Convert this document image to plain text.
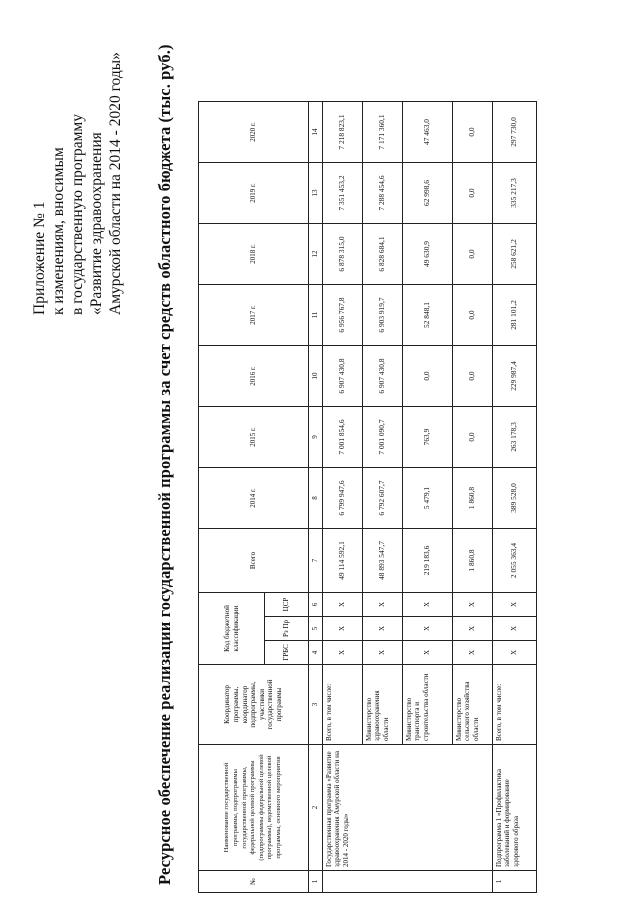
Приложение № 1 к изменениям, вносимым в государственную программу «Развитие здравоохранения Амурской области на 2014 - 2020 годы» Ресурсное обеспечение реализации государственной программы за счет средств областного бюджета (тыс. руб.)	№	Наименование государственной программы, подпрограммы государственной программы, федеральной целевой программы (подпрограммы федеральной целевой программы), ведомственной целевой программы, основного мероприятия	Координатор программы, координатор подпрограммы, участники государственной программы	Код бюджетной классификации			Всего	2014 г.	2015 г.	2016 г.	2017 г.	2018 г.	2019 г.	2020 г.
			ГРБС	Рз Пр	ЦСР								
1	2	3	4	5	6	7	8	9	10	11	12	13	14
	Государственная программа «Развитие здравоохранения Амурской области на 2014 - 2020 годы»	Всего, в том числе:	Х	Х	Х	49 114 592,1	6 799 947,6	7 001 854,6	6 907 430,8	6 956 767,8	6 878 315,0	7 351 453,2	7 218 823,1
		Министерство здравоохранения области	Х	Х	Х	48 893 547,7	6 792 607,7	7 001 090,7	6 907 430,8	6 903 919,7	6 828 684,1	7 288 454,6	7 171 360,1
		Министерство транспорта и строительства области	Х	Х	Х	219 183,6	5 479,1	763,9	0,0	52 848,1	49 630,9	62 998,6	47 463,0
		Министерство сельского хозяйства области	Х	Х	Х	1 860,8	1 860,8	0,0	0,0	0,0	0,0	0,0	0,0
1	Подпрограмма 1 «Профилактика заболеваний и формирование здорового образа	Всего, в том числе:	Х	Х	Х	2 055 363,4	389 528,0	263 178,3	229 987,4	281 101,2	258 621,2	335 217,3	297 730,0
